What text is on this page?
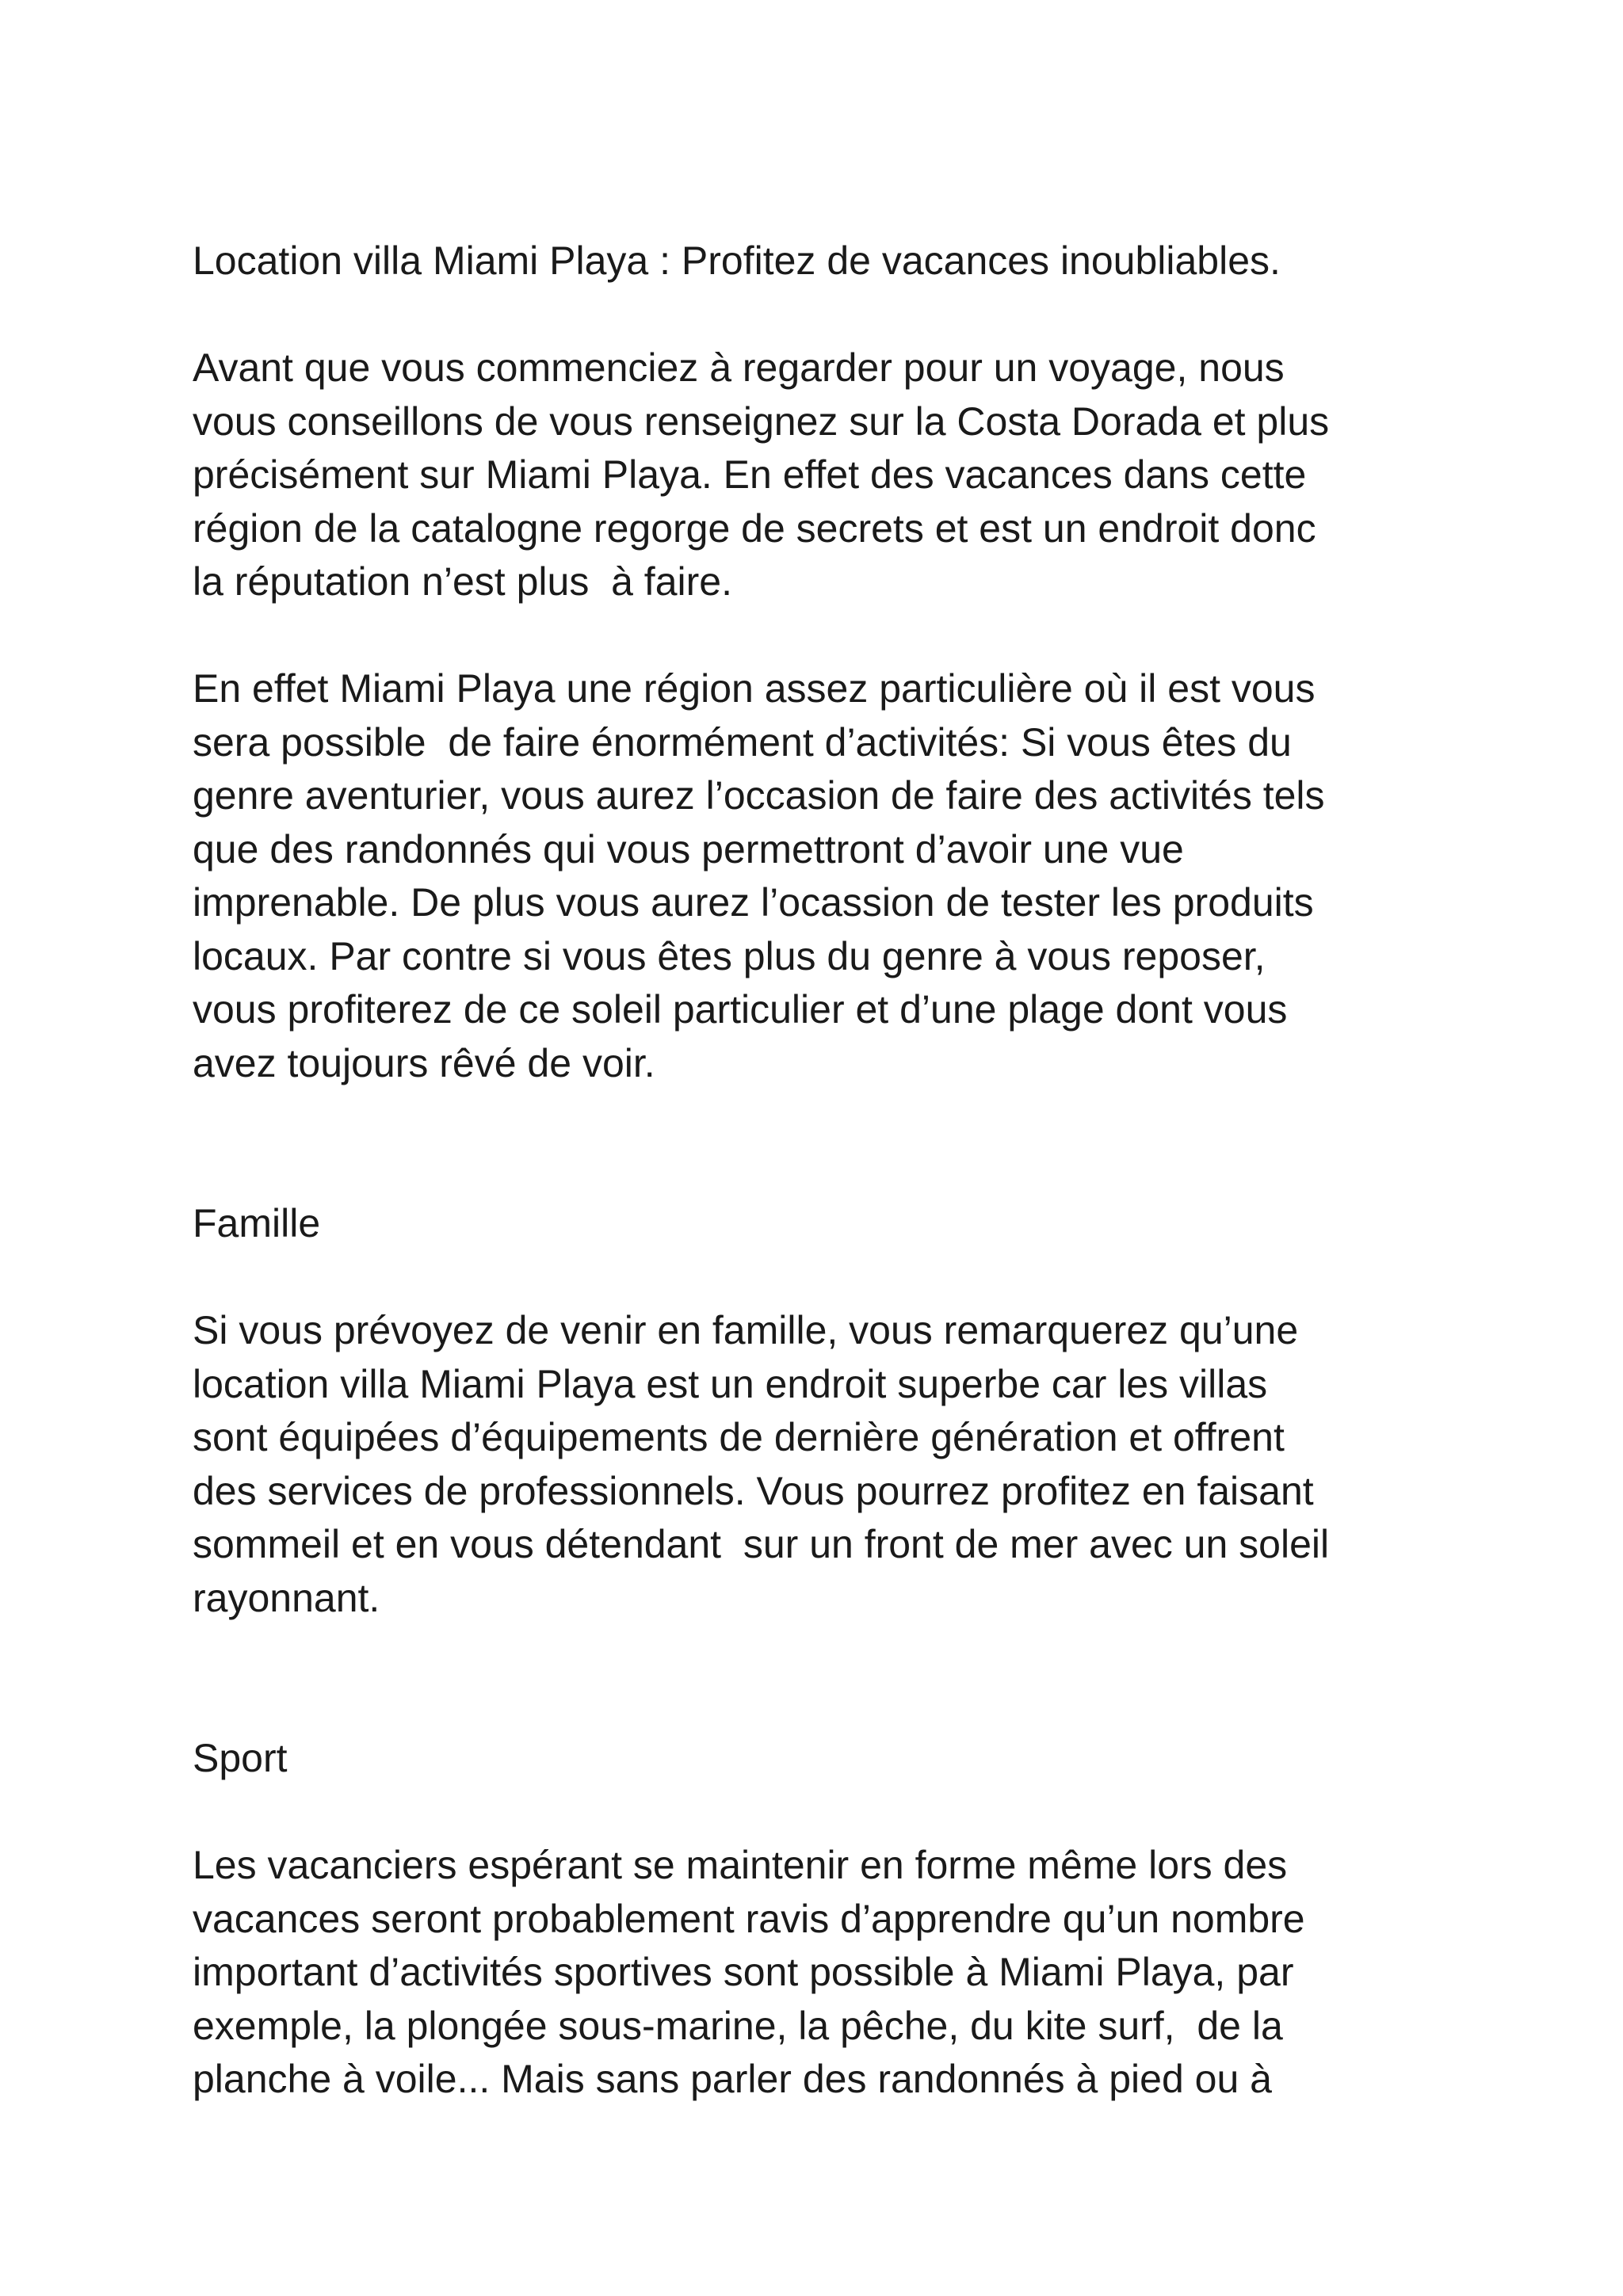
Location villa Miami Playa : Profitez de vacances inoubliables.
Avant que vous commenciez à regarder pour un voyage, nous
vous conseillons de vous renseignez sur la Costa Dorada et plus
précisément sur Miami Playa. En effet des vacances dans cette
région de la catalogne regorge de secrets et est un endroit donc
la réputation n’est plus  à faire.
En effet Miami Playa une région assez particulière où il est vous
sera possible  de faire énormément d’activités: Si vous êtes du
genre aventurier, vous aurez l’occasion de faire des activités tels
que des randonnés qui vous permettront d’avoir une vue
imprenable. De plus vous aurez l’ocassion de tester les produits
locaux. Par contre si vous êtes plus du genre à vous reposer,
vous profiterez de ce soleil particulier et d’une plage dont vous
avez toujours rêvé de voir.
Famille
Si vous prévoyez de venir en famille, vous remarquerez qu’une
location villa Miami Playa est un endroit superbe car les villas
sont équipées d’équipements de dernière génération et offrent
des services de professionnels. Vous pourrez profitez en faisant
sommeil et en vous détendant  sur un front de mer avec un soleil
rayonnant.
Sport
Les vacanciers espérant se maintenir en forme même lors des
vacances seront probablement ravis d’apprendre qu’un nombre
important d’activités sportives sont possible à Miami Playa, par
exemple, la plongée sous-marine, la pêche, du kite surf,  de la
planche à voile... Mais sans parler des randonnés à pied ou à
